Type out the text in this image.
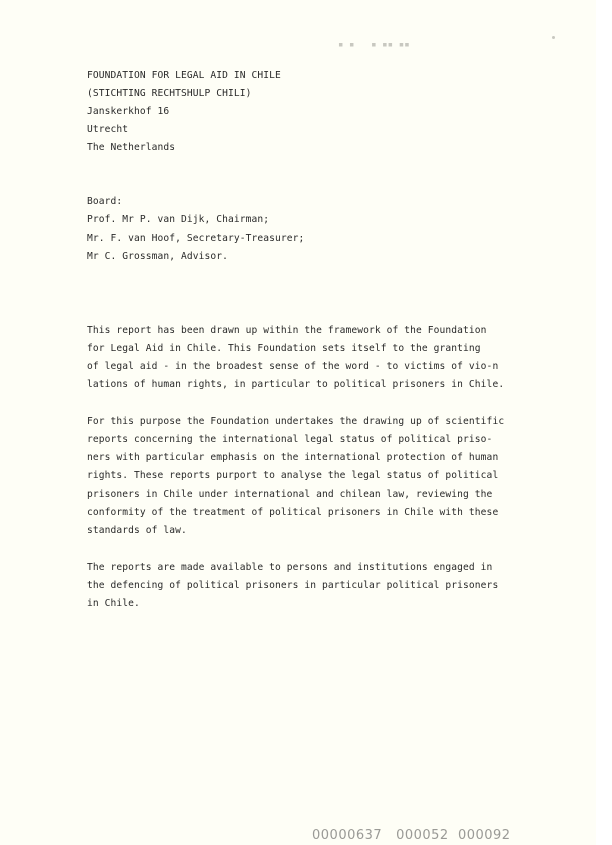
▪ ▪   ▪ ▪▪ ▪▪
FOUNDATION FOR LEGAL AID IN CHILE
(STICHTING RECHTSHULP CHILI)
Janskerkhof 16
Utrecht
The Netherlands
Board:
Prof. Mr P. van Dijk, Chairman;
Mr. F. van Hoof, Secretary-Treasurer;
Mr C. Grossman, Advisor.
This report has been drawn up within the framework of the Foundation
for Legal Aid in Chile. This Foundation sets itself to the granting
of legal aid - in the broadest sense of the word - to victims of vio-n
lations of human rights, in particular to political prisoners in Chile.
For this purpose the Foundation undertakes the drawing up of scientific
reports concerning the international legal status of political priso-
ners with particular emphasis on the international protection of human
rights. These reports purport to analyse the legal status of political
prisoners in Chile under international and chilean law, reviewing the
conformity of the treatment of political prisoners in Chile with these
standards of law.
The reports are made available to persons and institutions engaged in
the defencing of political prisoners in particular political prisoners
in Chile.
00000637   000052  000092
